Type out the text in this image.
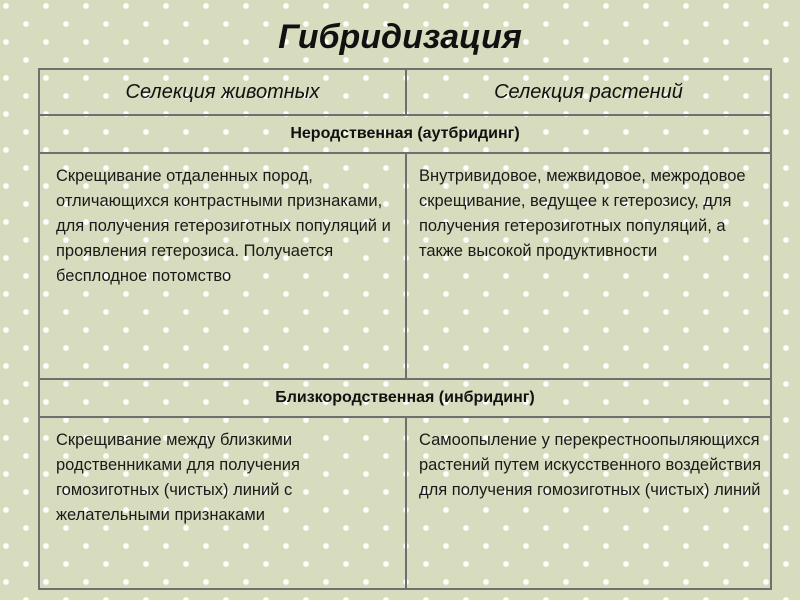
Гибридизация
Селекция животных	Селекция растений
Неродственная (аутбридинг)	

Скрещивание отдаленных пород, отличающихся контрастными признаками, для получения гетерозиготных популяций и проявления гетерозиса. Получается бесплодное потомство	Внутривидовое, межвидовое, межродовое скрещивание, ведущее к гетерозису, для получения гетерозиготных популяций, а также высокой продуктивности

Близкородственная (инбридинг)	

Скрещивание между близкими родственниками для получения гомозиготных (чистых) линий с желательными признаками	Самоопыление у перекрестноопыляющихся растений путем искусственного воздействия для получения гомозиготных (чистых) линий
